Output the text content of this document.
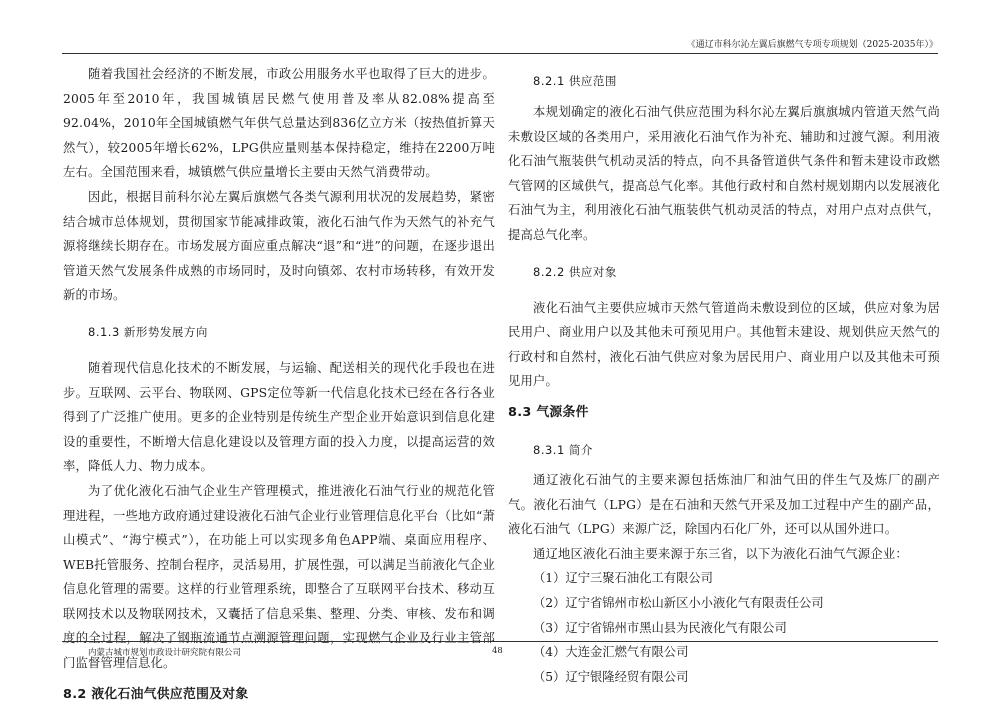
《通辽市科尔沁左翼后旗燃气专项专项规划（2025-2035年）》

随着我国社会经济的不断发展，市政公用服务水平也取得了巨大的进步。2005年至2010年，我国城镇居民燃气使用普及率从82.08%提高至92.04%，2010年全国城镇燃气年供气总量达到836亿立方米（按热值折算天然气），较2005年增长62%，LPG供应量则基本保持稳定，维持在2200万吨左右。全国范围来看，城镇燃气供应量增长主要由天然气消费带动。

因此，根据目前科尔沁左翼后旗燃气各类气源利用状况的发展趋势，紧密结合城市总体规划，贯彻国家节能减排政策，液化石油气作为天然气的补充气源将继续长期存在。市场发展方面应重点解决“退”和“进”的问题，在逐步退出管道天然气发展条件成熟的市场同时，及时向镇郊、农村市场转移，有效开发新的市场。

8.1.3 新形势发展方向

随着现代信息化技术的不断发展，与运输、配送相关的现代化手段也在进步。互联网、云平台、物联网、GPS定位等新一代信息化技术已经在各行各业得到了广泛推广使用。更多的企业特别是传统生产型企业开始意识到信息化建设的重要性，不断增大信息化建设以及管理方面的投入力度，以提高运营的效率，降低人力、物力成本。

为了优化液化石油气企业生产管理模式，推进液化石油气行业的规范化管理进程，一些地方政府通过建设液化石油气企业行业管理信息化平台（比如“萧山模式”、“海宁模式”），在功能上可以实现多角色APP端、桌面应用程序、WEB托管服务、控制台程序，灵活易用，扩展性强，可以满足当前液化气企业信息化管理的需要。这样的行业管理系统，即整合了互联网平台技术、移动互联网技术以及物联网技术，又囊括了信息采集、整理、分类、审核、发布和调度的全过程，解决了钢瓶流通节点溯源管理问题，实现燃气企业及行业主管部门监督管理信息化。

8.2 液化石油气供应范围及对象
8.2.1 供应范围

本规划确定的液化石油气供应范围为科尔沁左翼后旗旗城内管道天然气尚未敷设区域的各类用户，采用液化石油气作为补充、辅助和过渡气源。利用液化石油气瓶装供气机动灵活的特点，向不具备管道供气条件和暂未建设市政燃气管网的区域供气，提高总气化率。其他行政村和自然村规划期内以发展液化石油气为主，利用液化石油气瓶装供气机动灵活的特点，对用户点对点供气，提高总气化率。

8.2.2 供应对象

液化石油气主要供应城市天然气管道尚未敷设到位的区域，供应对象为居民用户、商业用户以及其他未可预见用户。其他暂未建设、规划供应天然气的行政村和自然村，液化石油气供应对象为居民用户、商业用户以及其他未可预见用户。

8.3 气源条件
8.3.1 简介

通辽液化石油气的主要来源包括炼油厂和油气田的伴生气及炼厂的副产气。液化石油气（LPG）是在石油和天然气开采及加工过程中产生的副产品，液化石油气（LPG）来源广泛，除国内石化厂外，还可以从国外进口。

通辽地区液化石油主要来源于东三省，以下为液化石油气气源企业：

（1）辽宁三聚石油化工有限公司
（2）辽宁省锦州市松山新区小小液化气有限责任公司
（3）辽宁省锦州市黑山县为民液化气有限公司
（4）大连金汇燃气有限公司
（5）辽宁银隆经贸有限公司
内蒙古城市规划市政设计研究院有限公司	48
